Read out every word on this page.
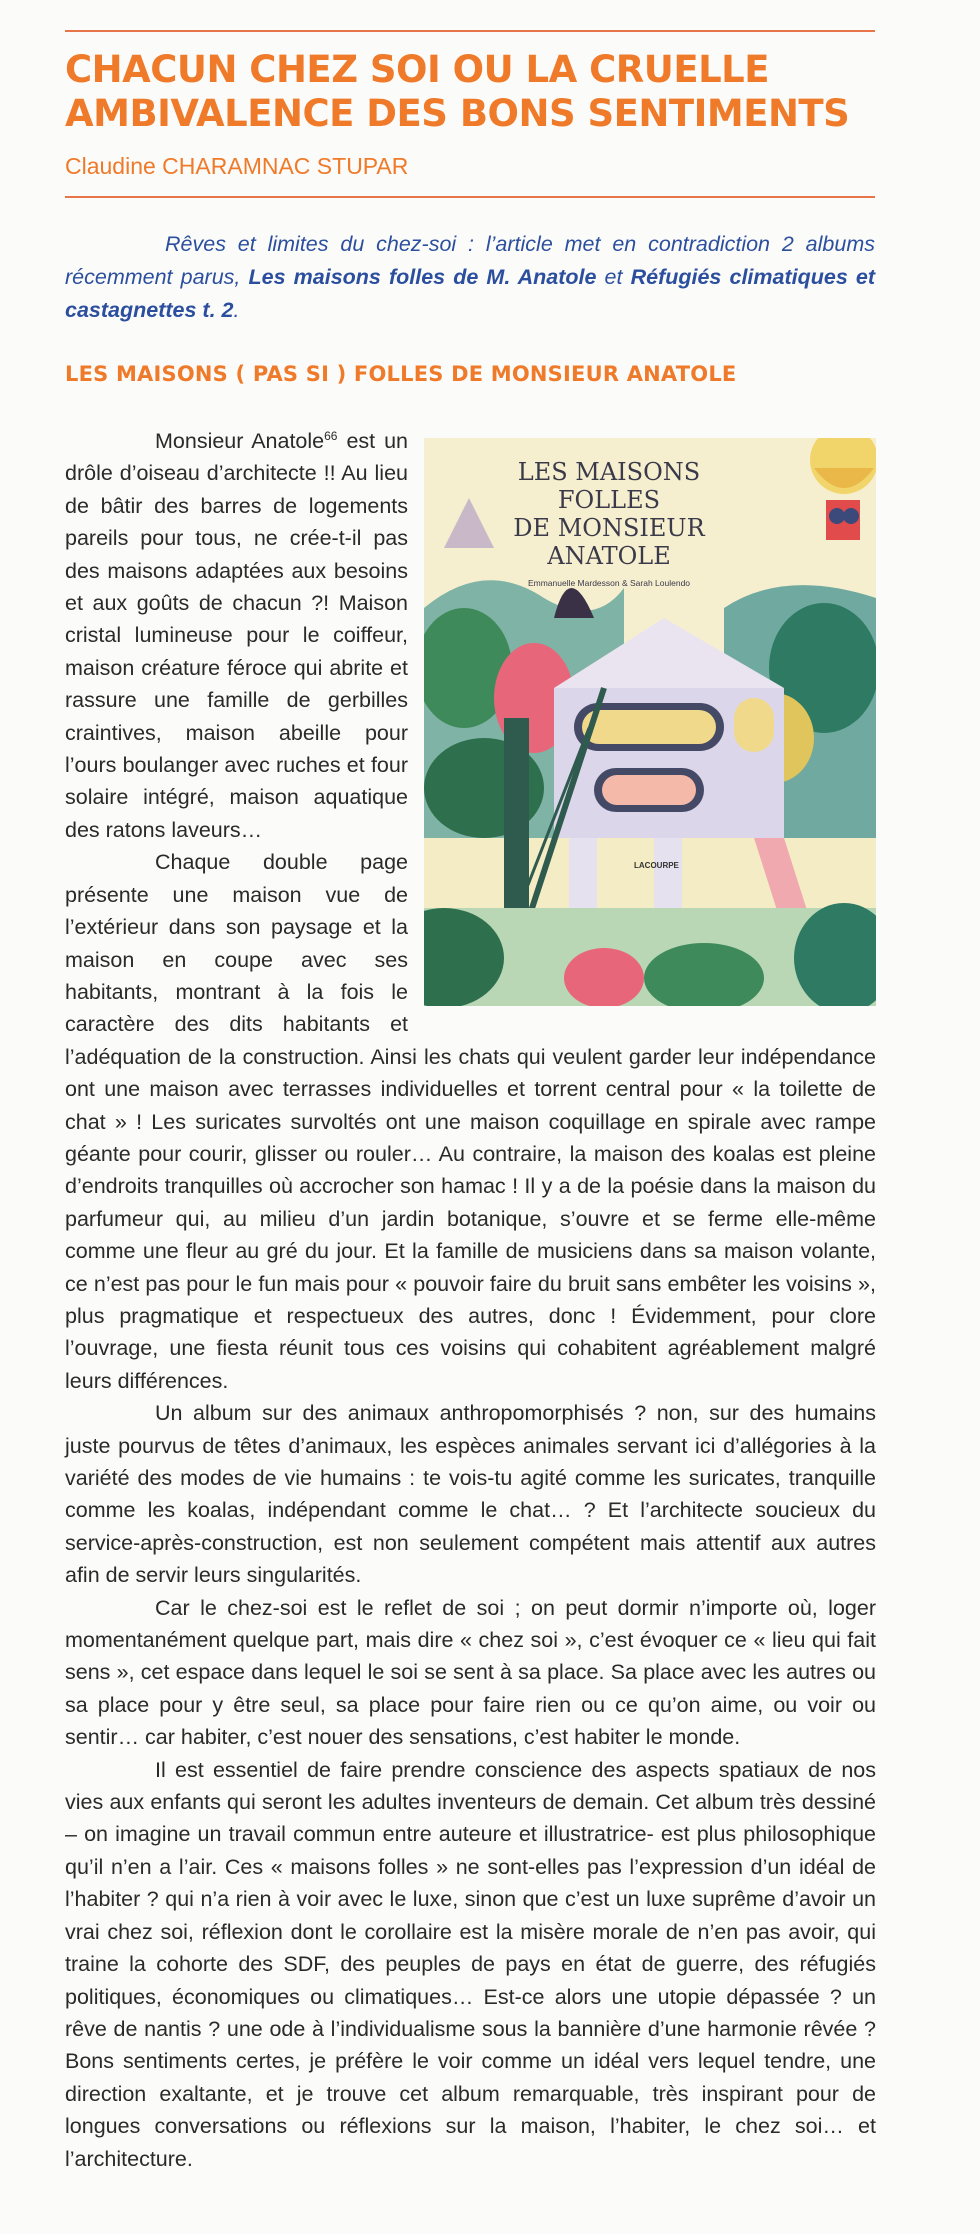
CHACUN CHEZ SOI OU LA CRUELLE AMBIVALENCE DES BONS SENTIMENTS
Claudine CHARAMNAC STUPAR

Rêves et limites du chez-soi : l’article met en contradiction 2 albums récemment parus, Les maisons folles de M. Anatole et Réfugiés climatiques et castagnettes t. 2.

LES MAISONS ( PAS SI ) FOLLES DE MONSIEUR ANATOLE
LES MAISONS
FOLLES
DE MONSIEUR
ANATOLE
Emmanuelle Mardesson & Sarah Loulendo
LACOURPE

Monsieur Anatole$^{66}$ est un drôle d’oiseau d’architecte !! Au lieu de bâtir des barres de logements pareils pour tous, ne crée-t-il pas des maisons adaptées aux besoins et aux goûts de chacun ?! Maison cristal lumineuse pour le coiffeur, maison créature féroce qui abrite et rassure une famille de gerbilles craintives, maison abeille pour l’ours boulanger avec ruches et four solaire intégré, maison aquatique des ratons laveurs…

Chaque double page présente une maison vue de l’extérieur dans son paysage et la maison en coupe avec ses habitants, montrant à la fois le caractère des dits habitants et l’adéquation de la construction. Ainsi les chats qui veulent garder leur indépendance ont une maison avec terrasses individuelles et torrent central pour « la toilette de chat » ! Les suricates survoltés ont une maison coquillage en spirale avec rampe géante pour courir, glisser ou rouler… Au contraire, la maison des koalas est pleine d’endroits tranquilles où accrocher son hamac ! Il y a de la poésie dans la maison du parfumeur qui, au milieu d’un jardin botanique, s’ouvre et se ferme elle-même comme une fleur au gré du jour. Et la famille de musiciens dans sa maison volante, ce n’est pas pour le fun mais pour « pouvoir faire du bruit sans embêter les voisins », plus pragmatique et respectueux des autres, donc ! Évidemment, pour clore l’ouvrage, une fiesta réunit tous ces voisins qui cohabitent agréablement malgré leurs différences.

Un album sur des animaux anthropomorphisés ? non, sur des humains juste pourvus de têtes d’animaux, les espèces animales servant ici d’allégories à la variété des modes de vie humains : te vois-tu agité comme les suricates, tranquille comme les koalas, indépendant comme le chat… ? Et l’architecte soucieux du service-après-construction, est non seulement compétent mais attentif aux autres afin de servir leurs singularités.

Car le chez-soi est le reflet de soi ; on peut dormir n’importe où, loger momentanément quelque part, mais dire « chez soi », c’est évoquer ce « lieu qui fait sens », cet espace dans lequel le soi se sent à sa place. Sa place avec les autres ou sa place pour y être seul, sa place pour faire rien ou ce qu’on aime, ou voir ou sentir… car habiter, c’est nouer des sensations, c’est habiter le monde.

Il est essentiel de faire prendre conscience des aspects spatiaux de nos vies aux enfants qui seront les adultes inventeurs de demain. Cet album très dessiné – on imagine un travail commun entre auteure et illustratrice- est plus philosophique qu’il n’en a l’air. Ces « maisons folles » ne sont-elles pas l’expression d’un idéal de l’habiter ? qui n’a rien à voir avec le luxe, sinon que c’est un luxe suprême d’avoir un vrai chez soi, réflexion dont le corollaire est la misère morale de n’en pas avoir, qui traine la cohorte des SDF, des peuples de pays en état de guerre, des réfugiés politiques, économiques ou climatiques… Est-ce alors une utopie dépassée ? un rêve de nantis ? une ode à l’individualisme sous la bannière d’une harmonie rêvée ? Bons sentiments certes, je préfère le voir comme un idéal vers lequel tendre, une direction exaltante, et je trouve cet album remarquable, très inspirant pour de longues conversations ou réflexions sur la maison, l’habiter, le chez soi… et l’architecture.
